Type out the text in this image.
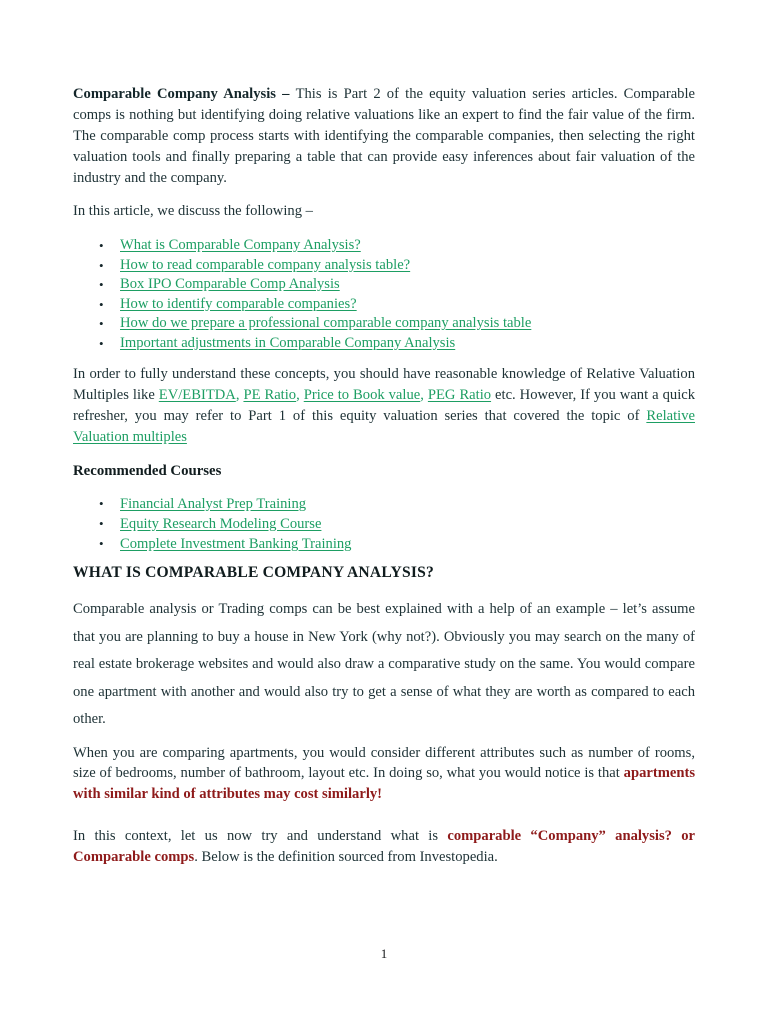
Comparable Company Analysis – This is Part 2 of the equity valuation series articles. Comparable comps is nothing but identifying doing relative valuations like an expert to find the fair value of the firm. The comparable comp process starts with identifying the comparable companies, then selecting the right valuation tools and finally preparing a table that can provide easy inferences about fair valuation of the industry and the company.

In this article, we discuss the following –

• What is Comparable Company Analysis?
• How to read comparable company analysis table?
• Box IPO Comparable Comp Analysis
• How to identify comparable companies?
• How do we prepare a professional comparable company analysis table
• Important adjustments in Comparable Company Analysis

In order to fully understand these concepts, you should have reasonable knowledge of Relative Valuation Multiples like EV/EBITDA, PE Ratio, Price to Book value, PEG Ratio etc. However, If you want a quick refresher, you may refer to Part 1 of this equity valuation series that covered the topic of Relative Valuation multiples

Recommended Courses
• Financial Analyst Prep Training
• Equity Research Modeling Course
• Complete Investment Banking Training
WHAT IS COMPARABLE COMPANY ANALYSIS?

Comparable analysis or Trading comps can be best explained with a help of an example – let’s assume that you are planning to buy a house in New York (why not?). Obviously you may search on the many of real estate brokerage websites and would also draw a comparative study on the same. You would compare one apartment with another and would also try to get a sense of what they are worth as compared to each other.

When you are comparing apartments, you would consider different attributes such as number of rooms, size of bedrooms, number of bathroom, layout etc. In doing so, what you would notice is that apartments with similar kind of attributes may cost similarly!

In this context, let us now try and understand what is comparable “Company” analysis? or Comparable comps. Below is the definition sourced from Investopedia.

1
